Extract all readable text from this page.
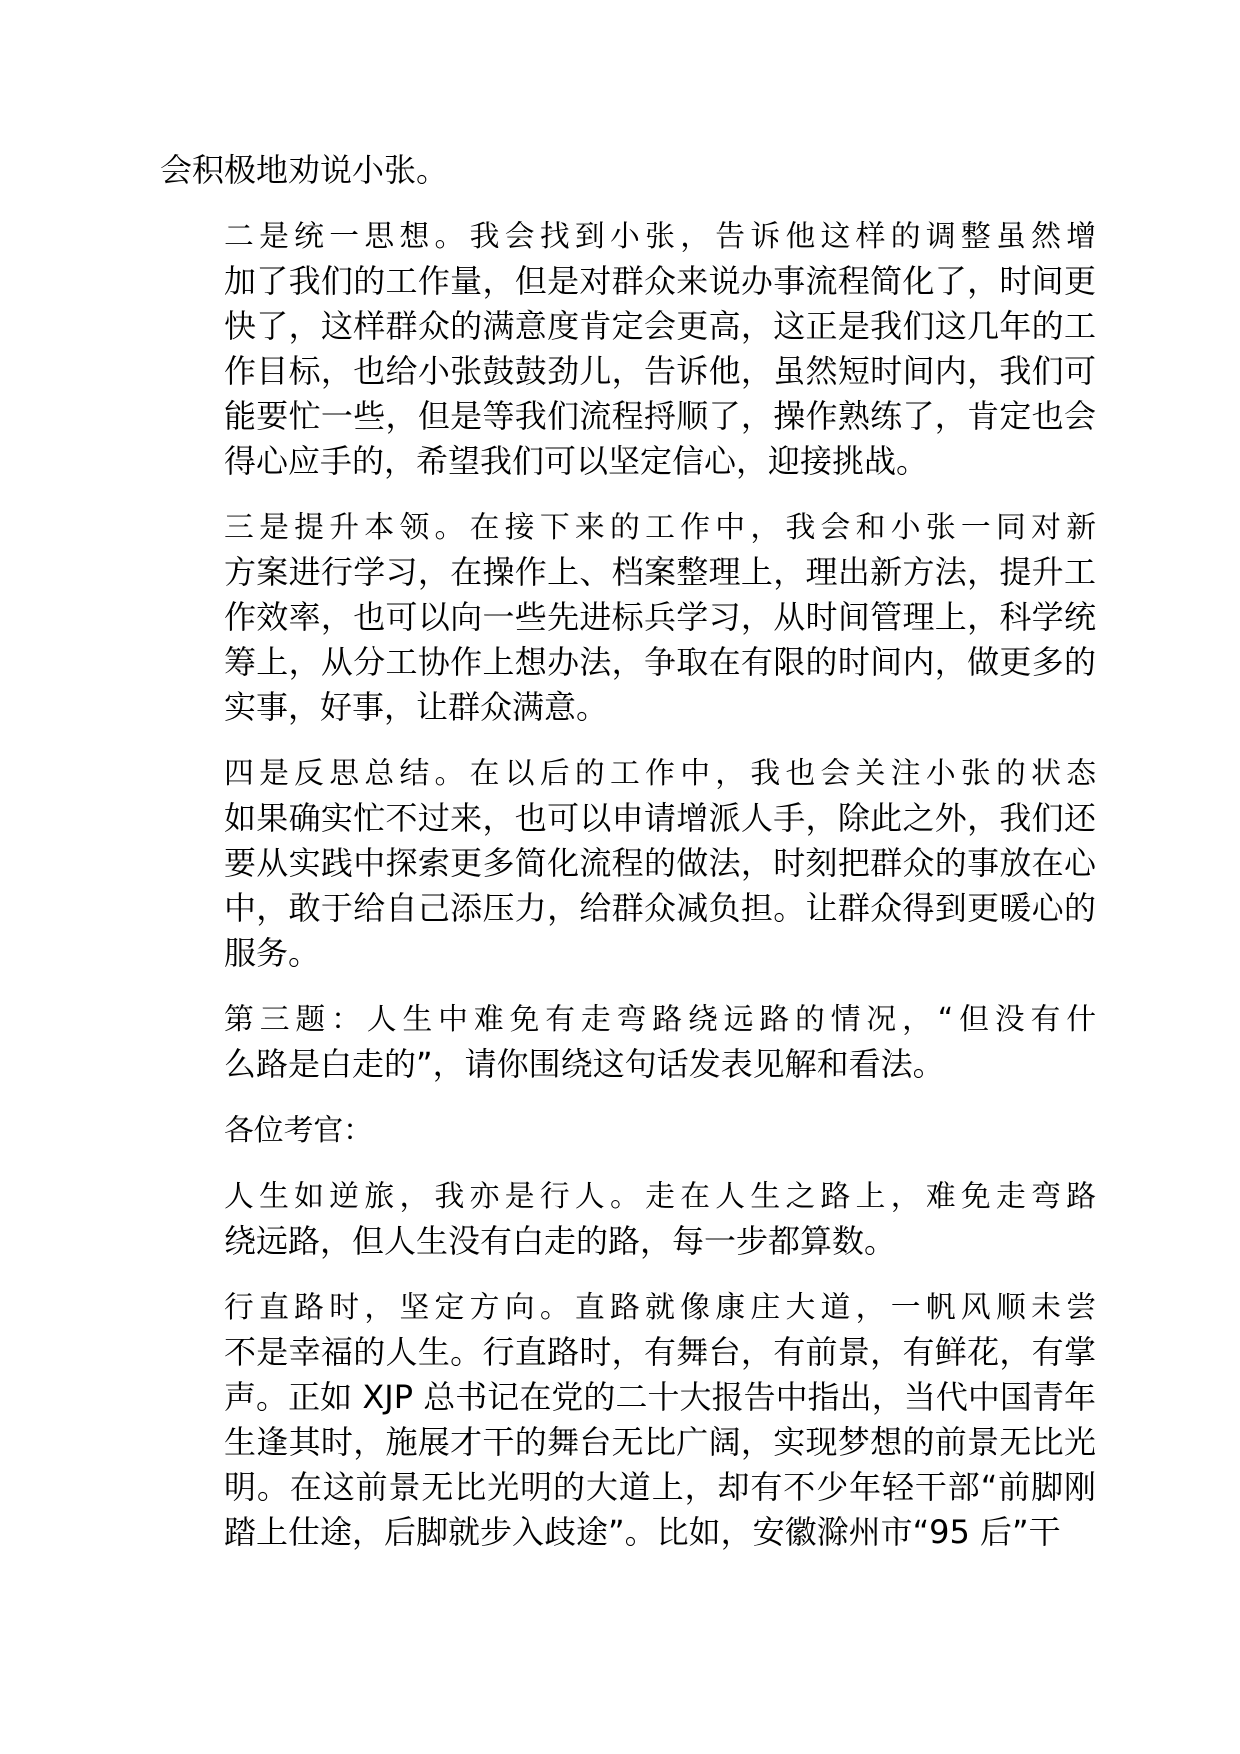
会积极地劝说小张。
二是统一思想。我会找到小张，告诉他这样的调整虽然增
加了我们的工作量，但是对群众来说办事流程简化了，时间更
快了，这样群众的满意度肯定会更高，这正是我们这几年的工
作目标，也给小张鼓鼓劲儿，告诉他，虽然短时间内，我们可
能要忙一些，但是等我们流程捋顺了，操作熟练了，肯定也会
得心应手的，希望我们可以坚定信心，迎接挑战。
三是提升本领。在接下来的工作中，我会和小张一同对新
方案进行学习，在操作上、档案整理上，理出新方法，提升工
作效率，也可以向一些先进标兵学习，从时间管理上，科学统
筹上，从分工协作上想办法，争取在有限的时间内，做更多的
实事，好事，让群众满意。
四是反思总结。在以后的工作中，我也会关注小张的状态
如果确实忙不过来，也可以申请增派人手，除此之外，我们还
要从实践中探索更多简化流程的做法，时刻把群众的事放在心
中，敢于给自己添压力，给群众减负担。让群众得到更暖心的
服务。
第三题：人生中难免有走弯路绕远路的情况，“但没有什
么路是白走的”，请你围绕这句话发表见解和看法。
各位考官：
人生如逆旅，我亦是行人。走在人生之路上，难免走弯路
绕远路，但人生没有白走的路，每一步都算数。
行直路时，坚定方向。直路就像康庄大道，一帆风顺未尝
不是幸福的人生。行直路时，有舞台，有前景，有鲜花，有掌
声。正如 XJP 总书记在党的二十大报告中指出，当代中国青年
生逢其时，施展才干的舞台无比广阔，实现梦想的前景无比光
明。在这前景无比光明的大道上，却有不少年轻干部“前脚刚
踏上仕途，后脚就步入歧途”。比如，安徽滁州市“95 后”干
